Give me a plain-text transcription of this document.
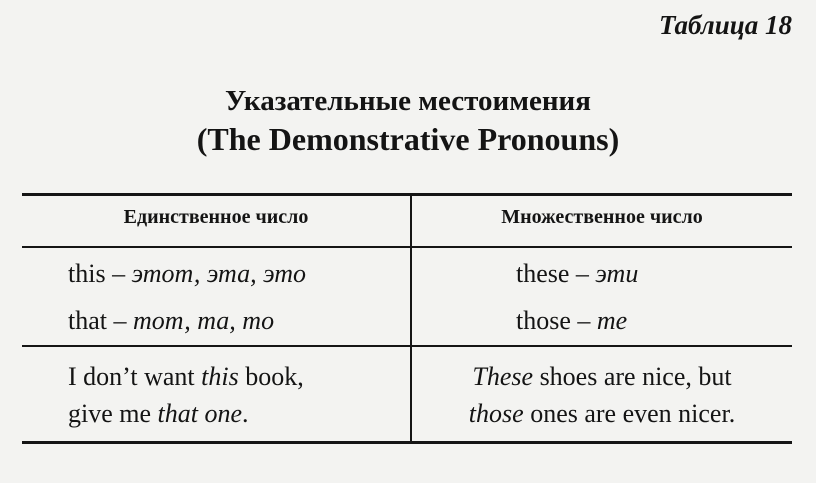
Таблица 18
Указательные местоимения
(The Demonstrative Pronouns)
Единственное число	Множественное число
this – этот, эта, это
that – тот, та, то
these – эти
those – те
I don’t want this book,
give me that one.
These shoes are nice, but
those ones are even nicer.
